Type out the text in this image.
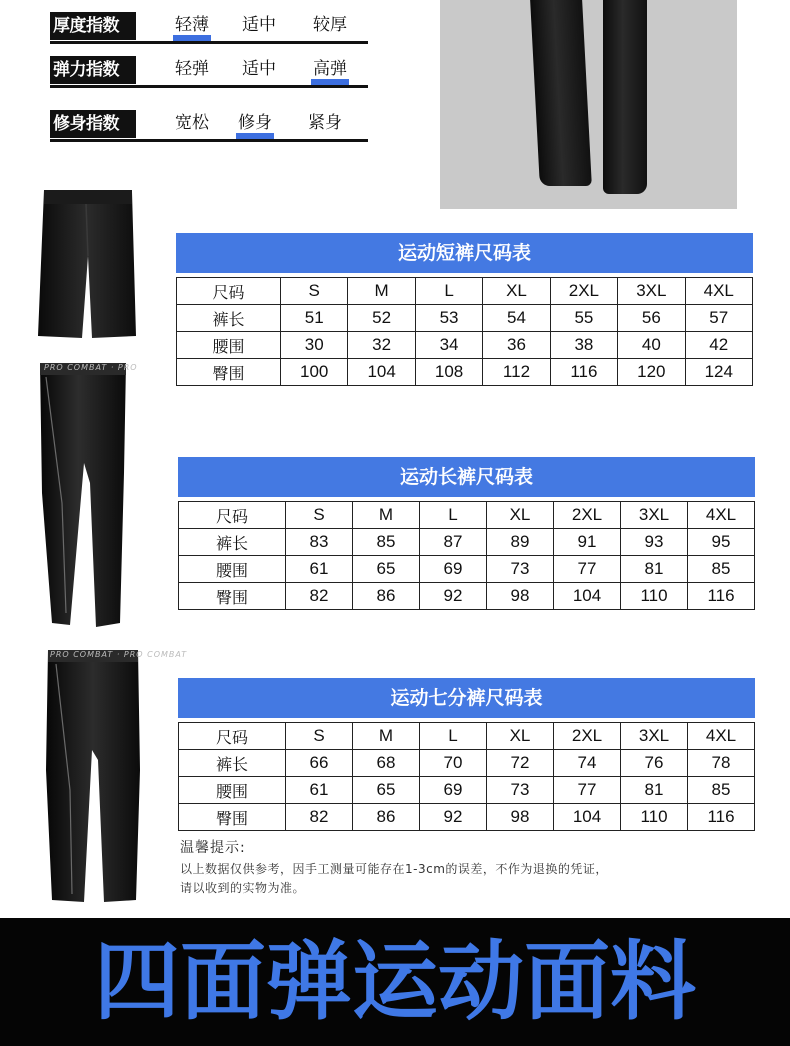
厚度指数	轻薄 适中 较厚
弹力指数	轻弹 适中 高弹
修身指数	宽松 修身 紧身
PRO COMBAT · PRO
PRO COMBAT · PRO COMBAT
运动短裤尺码表
尺码	S	M	L	XL	2XL	3XL	4XL
裤长	51	52	53	54	55	56	57
腰围	30	32	34	36	38	40	42
臀围	100	104	108	112	116	120	124
运动长裤尺码表
尺码	S	M	L	XL	2XL	3XL	4XL
裤长	83	85	87	89	91	93	95
腰围	61	65	69	73	77	81	85
臀围	82	86	92	98	104	110	116
运动七分裤尺码表
尺码	S	M	L	XL	2XL	3XL	4XL
裤长	66	68	70	72	74	76	78
腰围	61	65	69	73	77	81	85
臀围	82	86	92	98	104	110	116
温馨提示:
以上数据仅供参考，因手工测量可能存在1-3cm的误差，不作为退换的凭证，
请以收到的实物为准。
四面弹运动面料
